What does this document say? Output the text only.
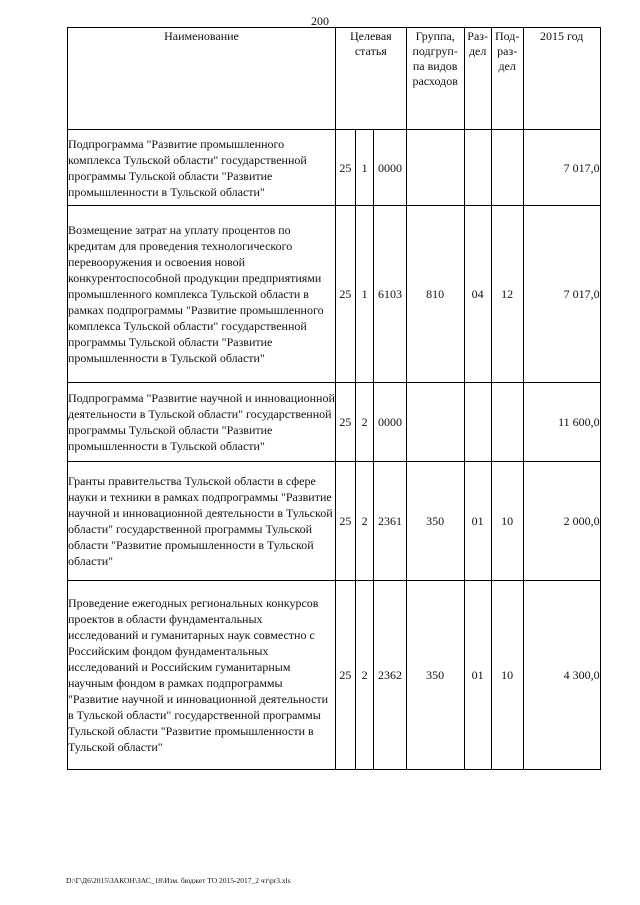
200
Наименование	Целевая статья			Группа, подгруп-па видов расходов	Раз-дел	Под-раз-дел	2015 год
Подпрограмма "Развитие промышленного комплекса Тульской области" государственной программы Тульской области "Развитие промышленности в Тульской области"	25	1	0000				7 017,0
Возмещение затрат на уплату процентов по кредитам для проведения технологического перевооружения и освоения новой конкурентоспособной продукции предприятиями промышленного комплекса Тульской области в рамках подпрограммы "Развитие промышленного комплекса Тульской области" государственной программы Тульской области "Развитие промышленности в Тульской области"	25	1	6103	810	04	12	7 017,0
Подпрограмма "Развитие научной и инновационной деятельности в Тульской области" государственной программы Тульской области "Развитие промышленности в Тульской области"	25	2	0000				11 600,0
Гранты правительства Тульской области в сфере науки и техники в рамках подпрограммы "Развитие научной и инновационной деятельности в Тульской области" государственной программы Тульской области "Развитие промышленности в Тульской области"	25	2	2361	350	01	10	2 000,0
Проведение ежегодных региональных конкурсов проектов в области фундаментальных исследований и гуманитарных наук совместно с Российским фондом фундаментальных исследований и Российским гуманитарным научным фондом в рамках подпрограммы "Развитие научной и инновационной деятельности в Тульской области" государственной программы Тульской области "Развитие промышленности в Тульской области"	25	2	2362	350	01	10	4 300,0
D:\Г\Д6\2015\ЗАКОН\ЗАС_18\Изм. бюджет ТО 2015-2017_2 чт\pr3.xls
